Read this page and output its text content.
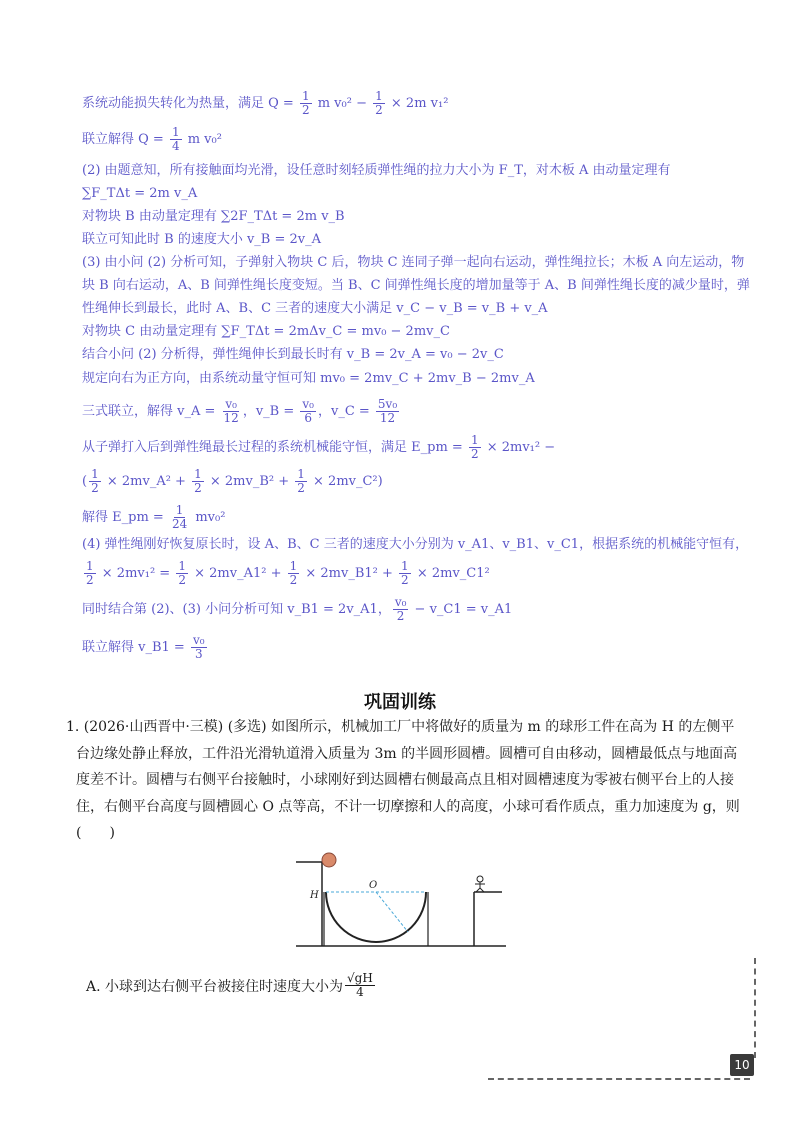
系统动能损失转化为热量，满足 $Q = \frac{1}{2}$ m $v_0^2 - \frac{1}{2} \times 2m$ v₁²
联立解得 $Q = \frac{1}{4}$ m v₀²
(2) 由题意知，所有接触面均光滑，设任意时刻轻质弹性绳的拉力大小为 F_T，对木板 A 由动量定理有
∑F_TΔt = 2m v_A
对物块 B 由动量定理有 ∑2F_TΔt = 2m v_B
联立可知此时 B 的速度大小 v_B = 2v_A
(3) 由小问 (2) 分析可知，子弹射入物块 C 后，物块 C 连同子弹一起向右运动，弹性绳拉长；木板 A 向左运动，物块 B 向右运动，A、B 间弹性绳长度变短。当 B、C 间弹性绳长度的增加量等于 A、B 间弹性绳长度的减少量时，弹性绳伸长到最长，此时 A、B、C 三者的速度大小满足 v_C − v_B = v_B + v_A
对物块 C 由动量定理有 ∑F_TΔt = 2mΔv_C = mv₀ − 2mv_C
结合小问 (2) 分析得，弹性绳伸长到最长时有 v_B = 2v_A = v₀ − 2v_C
规定向右为正方向，由系统动量守恒可知 mv₀ = 2mv_C + 2mv_B − 2mv_A
三式联立，解得 v_A = $\frac{\text{v₀}}{12}$ ，v_B = $\frac{\text{v₀}}{6}$ ，v_C = $\frac{\text{5v₀}}{12}$
从子弹打入后到弹性绳最长过程的系统机械能守恒，满足 E_pm = $\frac{1}{2} \times 2mv_1^2$ −
( $\frac{1}{2}$ × 2mv_A² + $\frac{1}{2}$ × 2mv_B² + $\frac{1}{2}$ × 2mv_C²)
解得 E_pm = $\frac{1}{24} mv_0^2$
(4) 弹性绳刚好恢复原长时，设 A、B、C 三者的速度大小分别为 v_A1、v_B1、v_C1，根据系统的机械能守恒有，
$\frac{1}{2} \times 2mv_1^2 = \frac{1}{2}$ × 2mv_A1² + $\frac{1}{2}$ × 2mv_B1² + $\frac{1}{2}$ × 2mv_C1²
同时结合第 (2)、(3) 小问分析可知 v_B1 = 2v_A1， $\frac{\text{v₀}}{2}$ − v_C1 = v_A1
联立解得 v_B1 = $\frac{\text{v₀}}{3}$
巩固训练

1. (2026·山西晋中·三模) (多选) 如图所示，机械加工厂中将做好的质量为 m 的球形工件在高为 H 的左侧平台边缘处静止释放，工件沿光滑轨道滑入质量为 3m 的半圆形圆槽。圆槽可自由移动，圆槽最低点与地面高度差不计。圆槽与右侧平台接触时，小球刚好到达圆槽右侧最高点且相对圆槽速度为零被右侧平台上的人接住，右侧平台高度与圆槽圆心 O 点等高，不计一切摩擦和人的高度，小球可看作质点，重力加速度为 g，则 (　　)

H
O
A. 小球到达右侧平台被接住时速度大小为 $\frac{√gH}{4}$
10
